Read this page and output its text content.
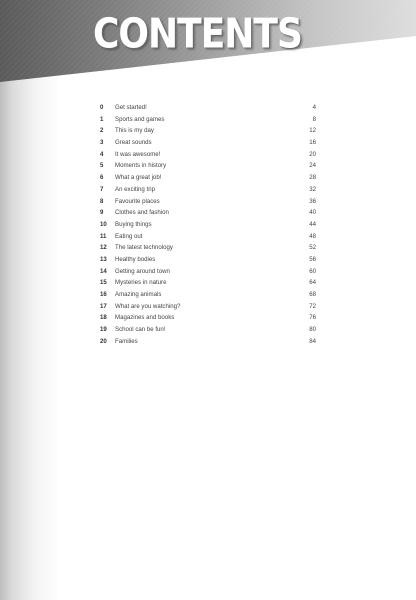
CONTENTS
0	Get started!	4
1	Sports and games	8
2	This is my day	12
3	Great sounds	16
4	It was awesome!	20
5	Moments in history	24
6	What a great job!	28
7	An exciting trip	32
8	Favourite places	36
9	Clothes and fashion	40
10	Buying things	44
11	Eating out	48
12	The latest technology	52
13	Healthy bodies	56
14	Getting around town	60
15	Mysteries in nature	64
16	Amazing animals	68
17	What are you watching?	72
18	Magazines and books	76
19	School can be fun!	80
20	Families	84
